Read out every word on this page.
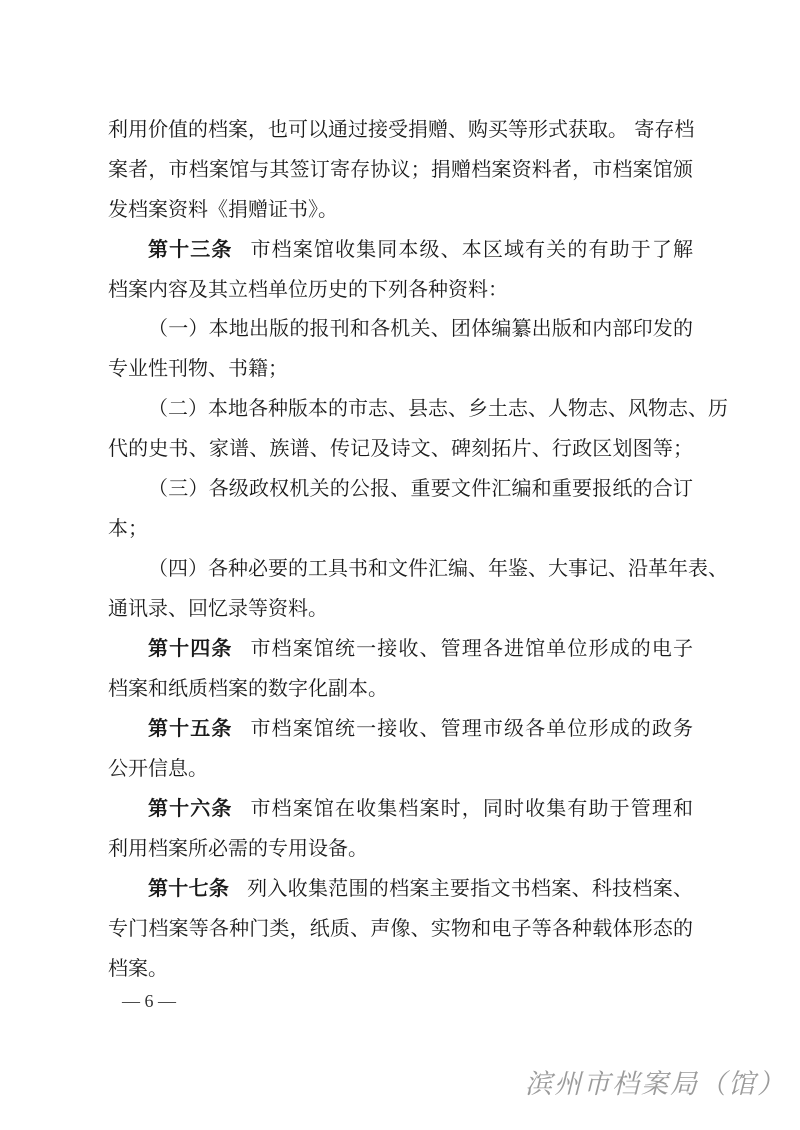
利用价值的档案，也可以通过接受捐赠、购买等形式获取。 寄存档
案者，市档案馆与其签订寄存协议；捐赠档案资料者，市档案馆颁
发档案资料《捐赠证书》。
第十三条 市档案馆收集同本级、本区域有关的有助于了解
档案内容及其立档单位历史的下列各种资料：
（一）本地出版的报刊和各机关、团体编纂出版和内部印发的
专业性刊物、书籍；
（二）本地各种版本的市志、县志、乡土志、人物志、风物志、历
代的史书、家谱、族谱、传记及诗文、碑刻拓片、行政区划图等；
（三）各级政权机关的公报、重要文件汇编和重要报纸的合订
本；
（四）各种必要的工具书和文件汇编、年鉴、大事记、沿革年表、
通讯录、回忆录等资料。
第十四条 市档案馆统一接收、管理各进馆单位形成的电子
档案和纸质档案的数字化副本。
第十五条 市档案馆统一接收、管理市级各单位形成的政务
公开信息。
第十六条 市档案馆在收集档案时，同时收集有助于管理和
利用档案所必需的专用设备。
第十七条 列入收集范围的档案主要指文书档案、科技档案、
专门档案等各种门类，纸质、声像、实物和电子等各种载体形态的
档案。
— 6 —
滨州市档案局（馆）
